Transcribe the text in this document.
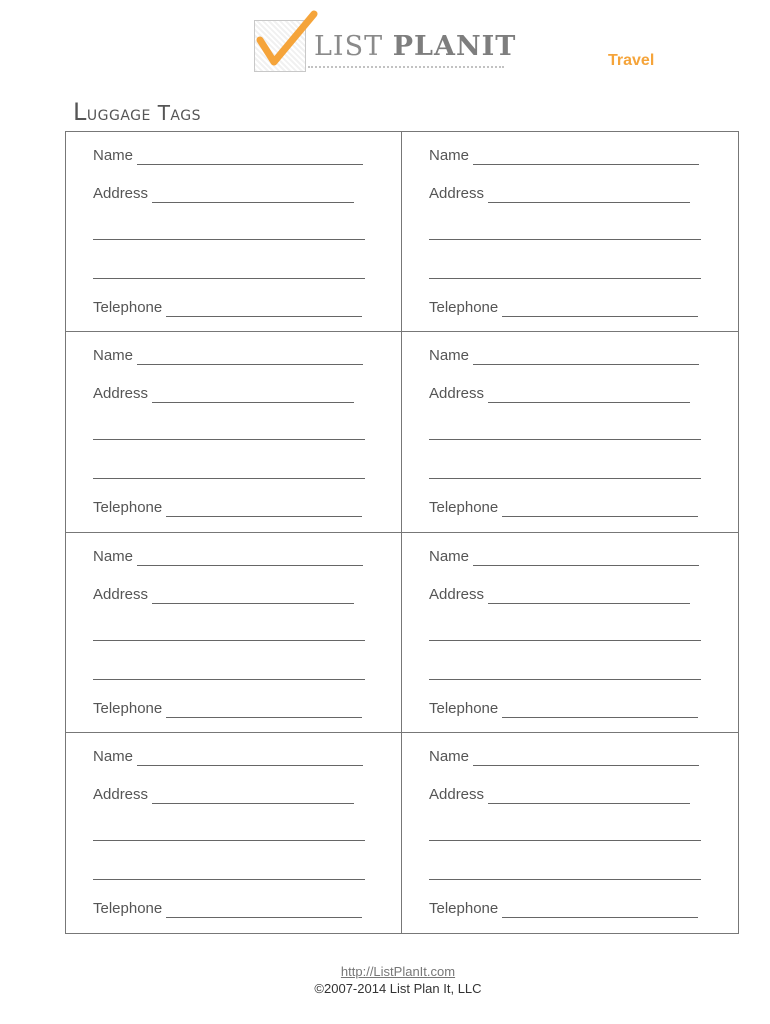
LIST PLANIT	Travel
Luggage Tags
Name
Address
Telephone
Name
Address
Telephone
Name
Address
Telephone
Name
Address
Telephone
Name
Address
Telephone
Name
Address
Telephone
Name
Address
Telephone
Name
Address
Telephone
http://ListPlanIt.com
©2007-2014 List Plan It, LLC
